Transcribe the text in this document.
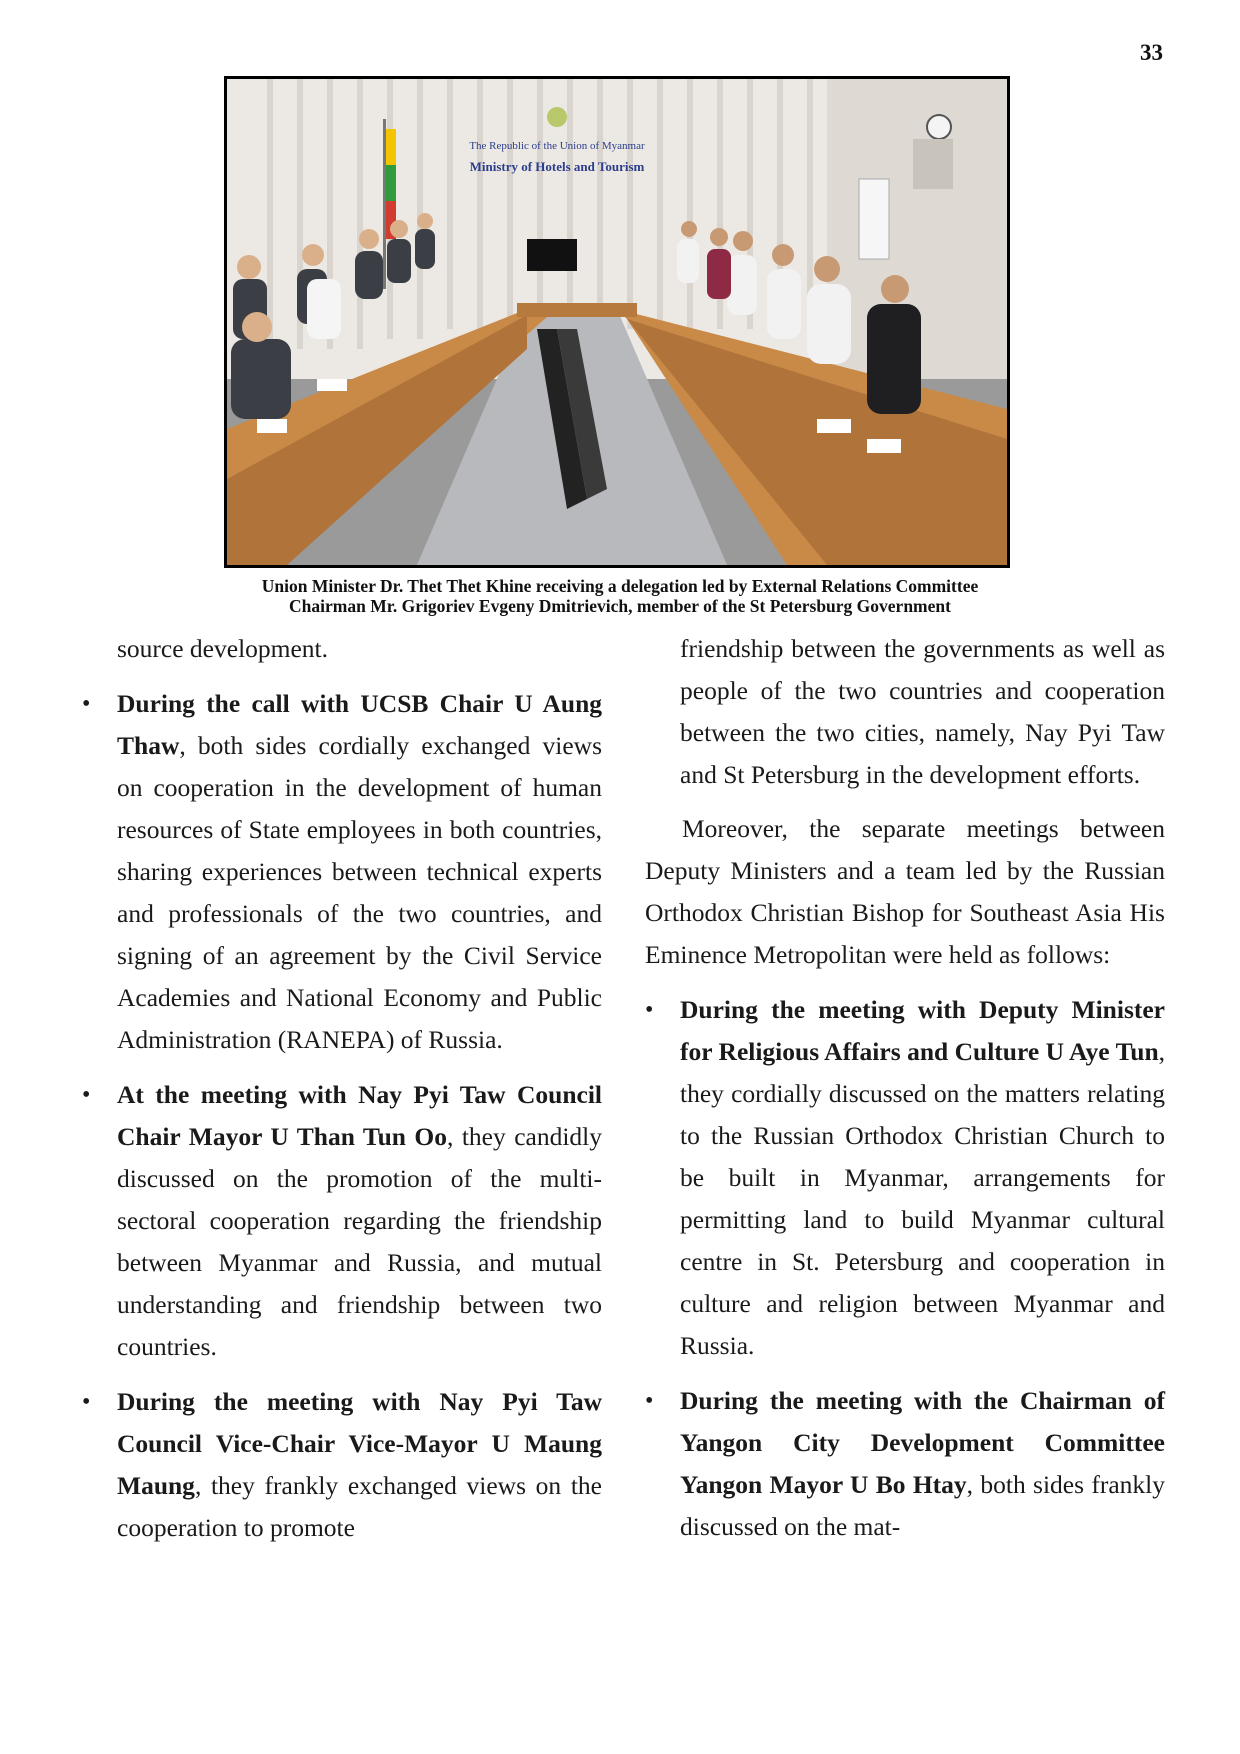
33
The Republic of the Union of Myanmar
Ministry of Hotels and Tourism
Union Minister Dr. Thet Thet Khine receiving a delegation led by External Relations Committee
Chairman Mr. Grigoriev Evgeny Dmitrievich, member of the St Petersburg Government

source development.

• During the call with UCSB Chair U Aung Thaw, both sides cordially exchanged views on cooperation in the development of human resources of State employees in both countries, sharing experiences between technical experts and professionals of the two countries, and signing of an agreement by the Civil Service Academies and National Economy and Public Administration (RANEPA) of Russia.
• At the meeting with Nay Pyi Taw Council Chair Mayor U Than Tun Oo, they candidly discussed on the promotion of the multi-sectoral cooperation regarding the friendship between Myanmar and Russia, and mutual understanding and friendship between two countries.
• During the meeting with Nay Pyi Taw Council Vice-Chair Vice-Mayor U Maung Maung, they frankly exchanged views on the cooperation to promote

friendship between the governments as well as people of the two countries and cooperation between the two cities, namely, Nay Pyi Taw and St Petersburg in the development efforts.

Moreover, the separate meetings between Deputy Ministers and a team led by the Russian Orthodox Christian Bishop for Southeast Asia His Eminence Metropolitan were held as follows:

• During the meeting with Deputy Minister for Religious Affairs and Culture U Aye Tun, they cordially discussed on the matters relating to the Russian Orthodox Christian Church to be built in Myanmar, arrangements for permitting land to build Myanmar cultural centre in St. Petersburg and cooperation in culture and religion between Myanmar and Russia.
• During the meeting with the Chairman of Yangon City Development Committee Yangon Mayor U Bo Htay, both sides frankly discussed on the mat-
